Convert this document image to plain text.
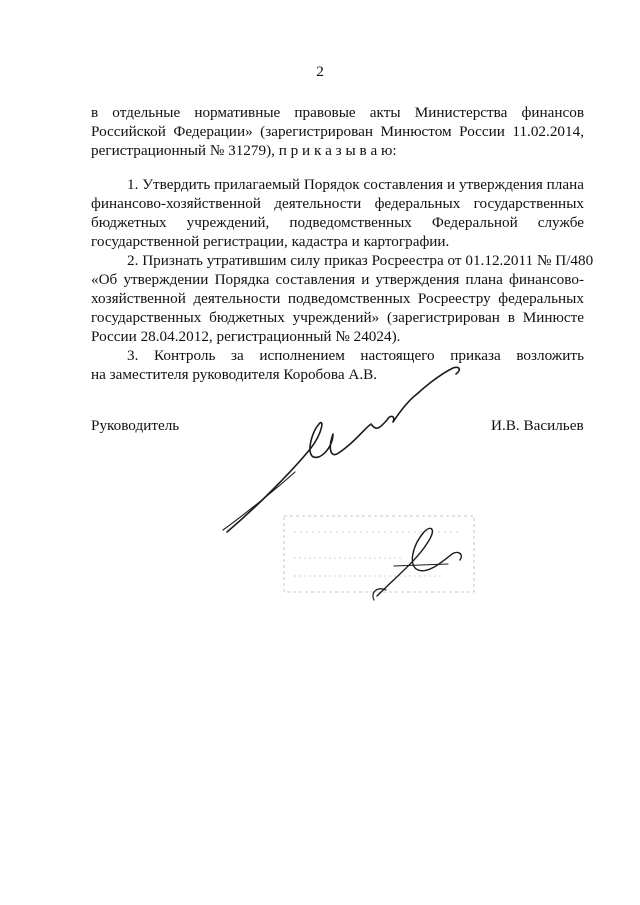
2
в отдельные нормативные правовые акты Министерства финансов
Российской Федерации» (зарегистрирован Минюстом России 11.02.2014,
регистрационный № 31279), п р и к а з ы в а ю:
1. Утвердить прилагаемый Порядок составления и утверждения плана
финансово-хозяйственной деятельности федеральных государственных
бюджетных учреждений, подведомственных Федеральной службе
государственной регистрации, кадастра и картографии.
2. Признать утратившим силу приказ Росреестра от 01.12.2011 № П/480
«Об утверждении Порядка составления и утверждения плана финансово-
хозяйственной деятельности подведомственных Росреестру федеральных
государственных бюджетных учреждений» (зарегистрирован в Минюсте
России 28.04.2012, регистрационный № 24024).
3. Контроль за исполнением настоящего приказа возложить
на заместителя руководителя Коробова А.В.
Руководитель	И.В. Васильев
